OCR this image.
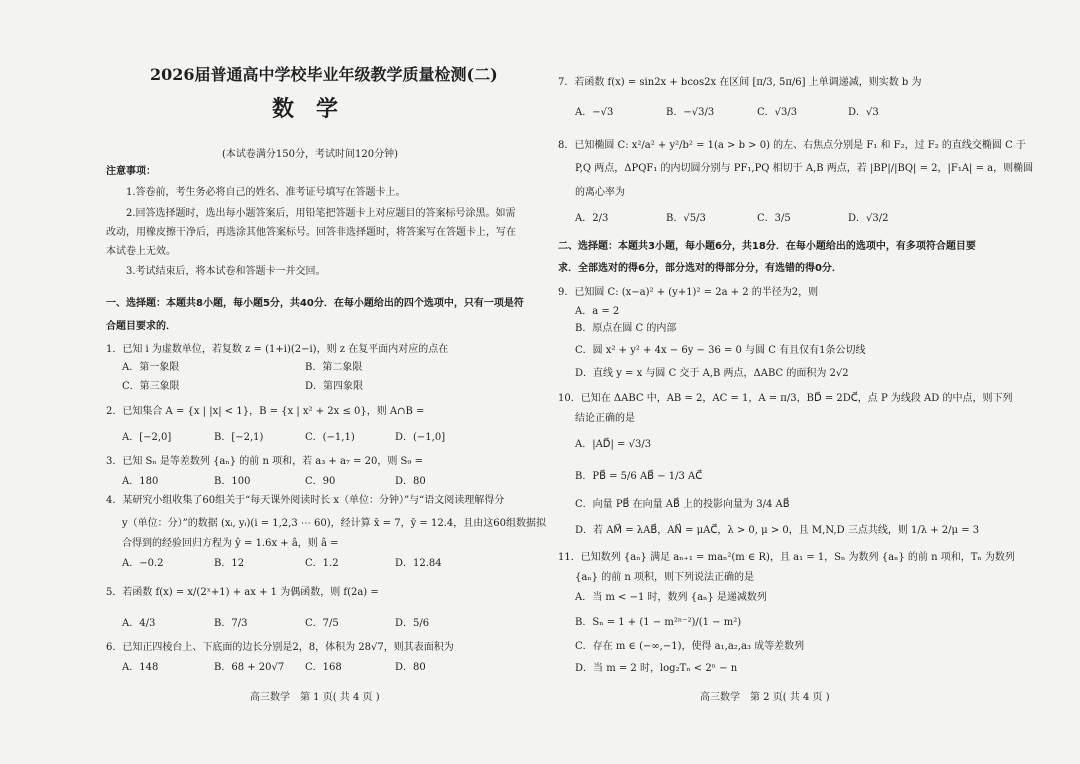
2026届普通高中学校毕业年级教学质量检测(二)
数学
(本试卷满分150分，考试时间120分钟)
注意事项：
1.答卷前，考生务必将自己的姓名、准考证号填写在答题卡上。
2.回答选择题时，选出每小题答案后，用铅笔把答题卡上对应题目的答案标号涂黑。如需
改动，用橡皮擦干净后，再选涂其他答案标号。回答非选择题时，将答案写在答题卡上，写在
本试卷上无效。
3.考试结束后，将本试卷和答题卡一并交回。
一、选择题：本题共8小题，每小题5分，共40分．在每小题给出的四个选项中，只有一项是符
合题目要求的．
1．已知 i 为虚数单位，若复数 z = (1+i)(2−i)，则 z 在复平面内对应的点在
A．第一象限	B．第二象限
C．第三象限	D．第四象限
2．已知集合 A = {x | |x| < 1}，B = {x | x² + 2x ≤ 0}，则 A∩B =
A．[−2,0]	B．[−2,1)	C．(−1,1)	D．(−1,0]
3．已知 Sₙ 是等差数列 {aₙ} 的前 n 项和，若 a₃ + a₇ = 20，则 S₉ =
A．180	B．100	C．90	D．80
4．某研究小组收集了60组关于“每天课外阅读时长 x（单位：分钟）”与“语文阅读理解得分
y（单位：分）”的数据 (xᵢ, yᵢ)(i = 1,2,3 ⋯ 60)，经计算 x̄ = 7，ȳ = 12.4，且由这60组数据拟
合得到的经验回归方程为 ŷ = 1.6x + â，则 â =
A．−0.2	B．12	C．1.2	D．12.84
5．若函数 f(x) = x/(2ˣ+1) + ax + 1 为偶函数，则 f(2a) =
A．4/3	B．7/3	C．7/5	D．5/6
6．已知正四棱台上、下底面的边长分别是2，8，体积为 28√7，则其表面积为
A．148	B．68 + 20√7 C．168	D．80
高三数学　第 1 页( 共 4 页 )
7．若函数 f(x) = sin2x + bcos2x 在区间 [π/3, 5π/6] 上单调递减，则实数 b 为
A．−√3	B．−√3/3	C．√3/3	D．√3
8．已知椭圆 C: x²/a² + y²/b² = 1(a > b > 0) 的左、右焦点分别是 F₁ 和 F₂，过 F₂ 的直线交椭圆 C 于
P,Q 两点，ΔPQF₁ 的内切圆分别与 PF₁,PQ 相切于 A,B 两点，若 |BP|/|BQ| = 2，|F₁A| = a，则椭圆
的离心率为
A．2/3	B．√5/3	C．3/5	D．√3/2
二、选择题：本题共3小题，每小题6分，共18分．在每小题给出的选项中，有多项符合题目要
求．全部选对的得6分，部分选对的得部分分，有选错的得0分．
9．已知圆 C: (x−a)² + (y+1)² = 2a + 2 的半径为2，则
A．a = 2
B．原点在圆 C 的内部
C．圆 x² + y² + 4x − 6y − 36 = 0 与圆 C 有且仅有1条公切线
D．直线 y = x 与圆 C 交于 A,B 两点，ΔABC 的面积为 2√2
10．已知在 ΔABC 中，AB = 2，AC = 1，A = π/3，BD⃗ = 2DC⃗，点 P 为线段 AD 的中点，则下列
结论正确的是
A．|AD⃗| = √3/3
B．PB⃗ = 5/6 AB⃗ − 1/3 AC⃗
C．向量 PB⃗ 在向量 AB⃗ 上的投影向量为 3/4 AB⃗
D．若 AM⃗ = λAB⃗，AN⃗ = μAC⃗，λ > 0, μ > 0，且 M,N,D 三点共线，则 1/λ + 2/μ = 3
11．已知数列 {aₙ} 满足 aₙ₊₁ = maₙ²(m ∈ R)，且 a₁ = 1，Sₙ 为数列 {aₙ} 的前 n 项和，Tₙ 为数列
{aₙ} 的前 n 项积，则下列说法正确的是
A．当 m < −1 时，数列 {aₙ} 是递减数列
B．Sₙ = 1 + (1 − m²ⁿ⁻²)/(1 − m²)
C．存在 m ∈ (−∞,−1)，使得 a₁,a₂,a₃ 成等差数列
D．当 m = 2 时，log₂Tₙ < 2ⁿ − n
高三数学　第 2 页( 共 4 页 )
